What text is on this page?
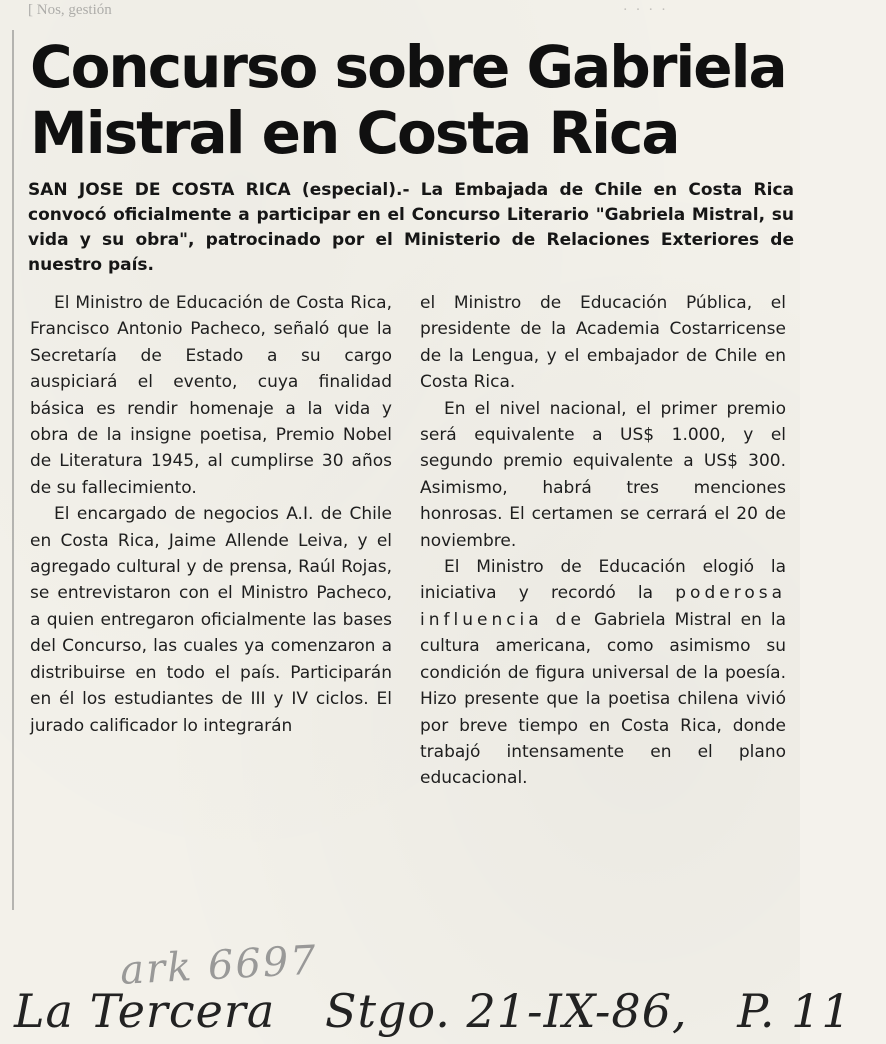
[ Nos, gestión	· · · ·
Concurso sobre Gabriela Mistral en Costa Rica
SAN JOSE DE COSTA RICA (especial).- La Embajada de Chile en Costa Rica convocó oficialmente a participar en el Concurso Literario "Gabriela Mistral, su vida y su obra", patrocinado por el Ministerio de Relaciones Exteriores de nuestro país.

El Ministro de Educación de Costa Rica, Francisco Antonio Pacheco, señaló que la Secretaría de Estado a su cargo auspiciará el evento, cuya finalidad básica es rendir homenaje a la vida y obra de la insigne poetisa, Premio Nobel de Literatura 1945, al cumplirse 30 años de su fallecimiento.

El encargado de negocios A.I. de Chile en Costa Rica, Jaime Allende Leiva, y el agregado cultural y de prensa, Raúl Rojas, se entrevistaron con el Ministro Pacheco, a quien entregaron oficialmente las bases del Concurso, las cuales ya comenzaron a distribuirse en todo el país. Participarán en él los estudiantes de III y IV ciclos. El jurado calificador lo integrarán

el Ministro de Educación Pública, el presidente de la Academia Costarricense de la Lengua, y el embajador de Chile en Costa Rica.

En el nivel nacional, el primer premio será equivalente a US$ 1.000, y el segundo premio equivalente a US$ 300. Asimismo, habrá tres menciones honrosas. El certamen se cerrará el 20 de noviembre.

El Ministro de Educación elogió la iniciativa y recordó la poderosa influencia de Gabriela Mistral en la cultura americana, como asimismo su condición de figura universal de la poesía. Hizo presente que la poetisa chilena vivió por breve tiempo en Costa Rica, donde trabajó intensamente en el plano educacional.

ark 6697
La Tercera Stgo. 21-IX-86, P. 11
